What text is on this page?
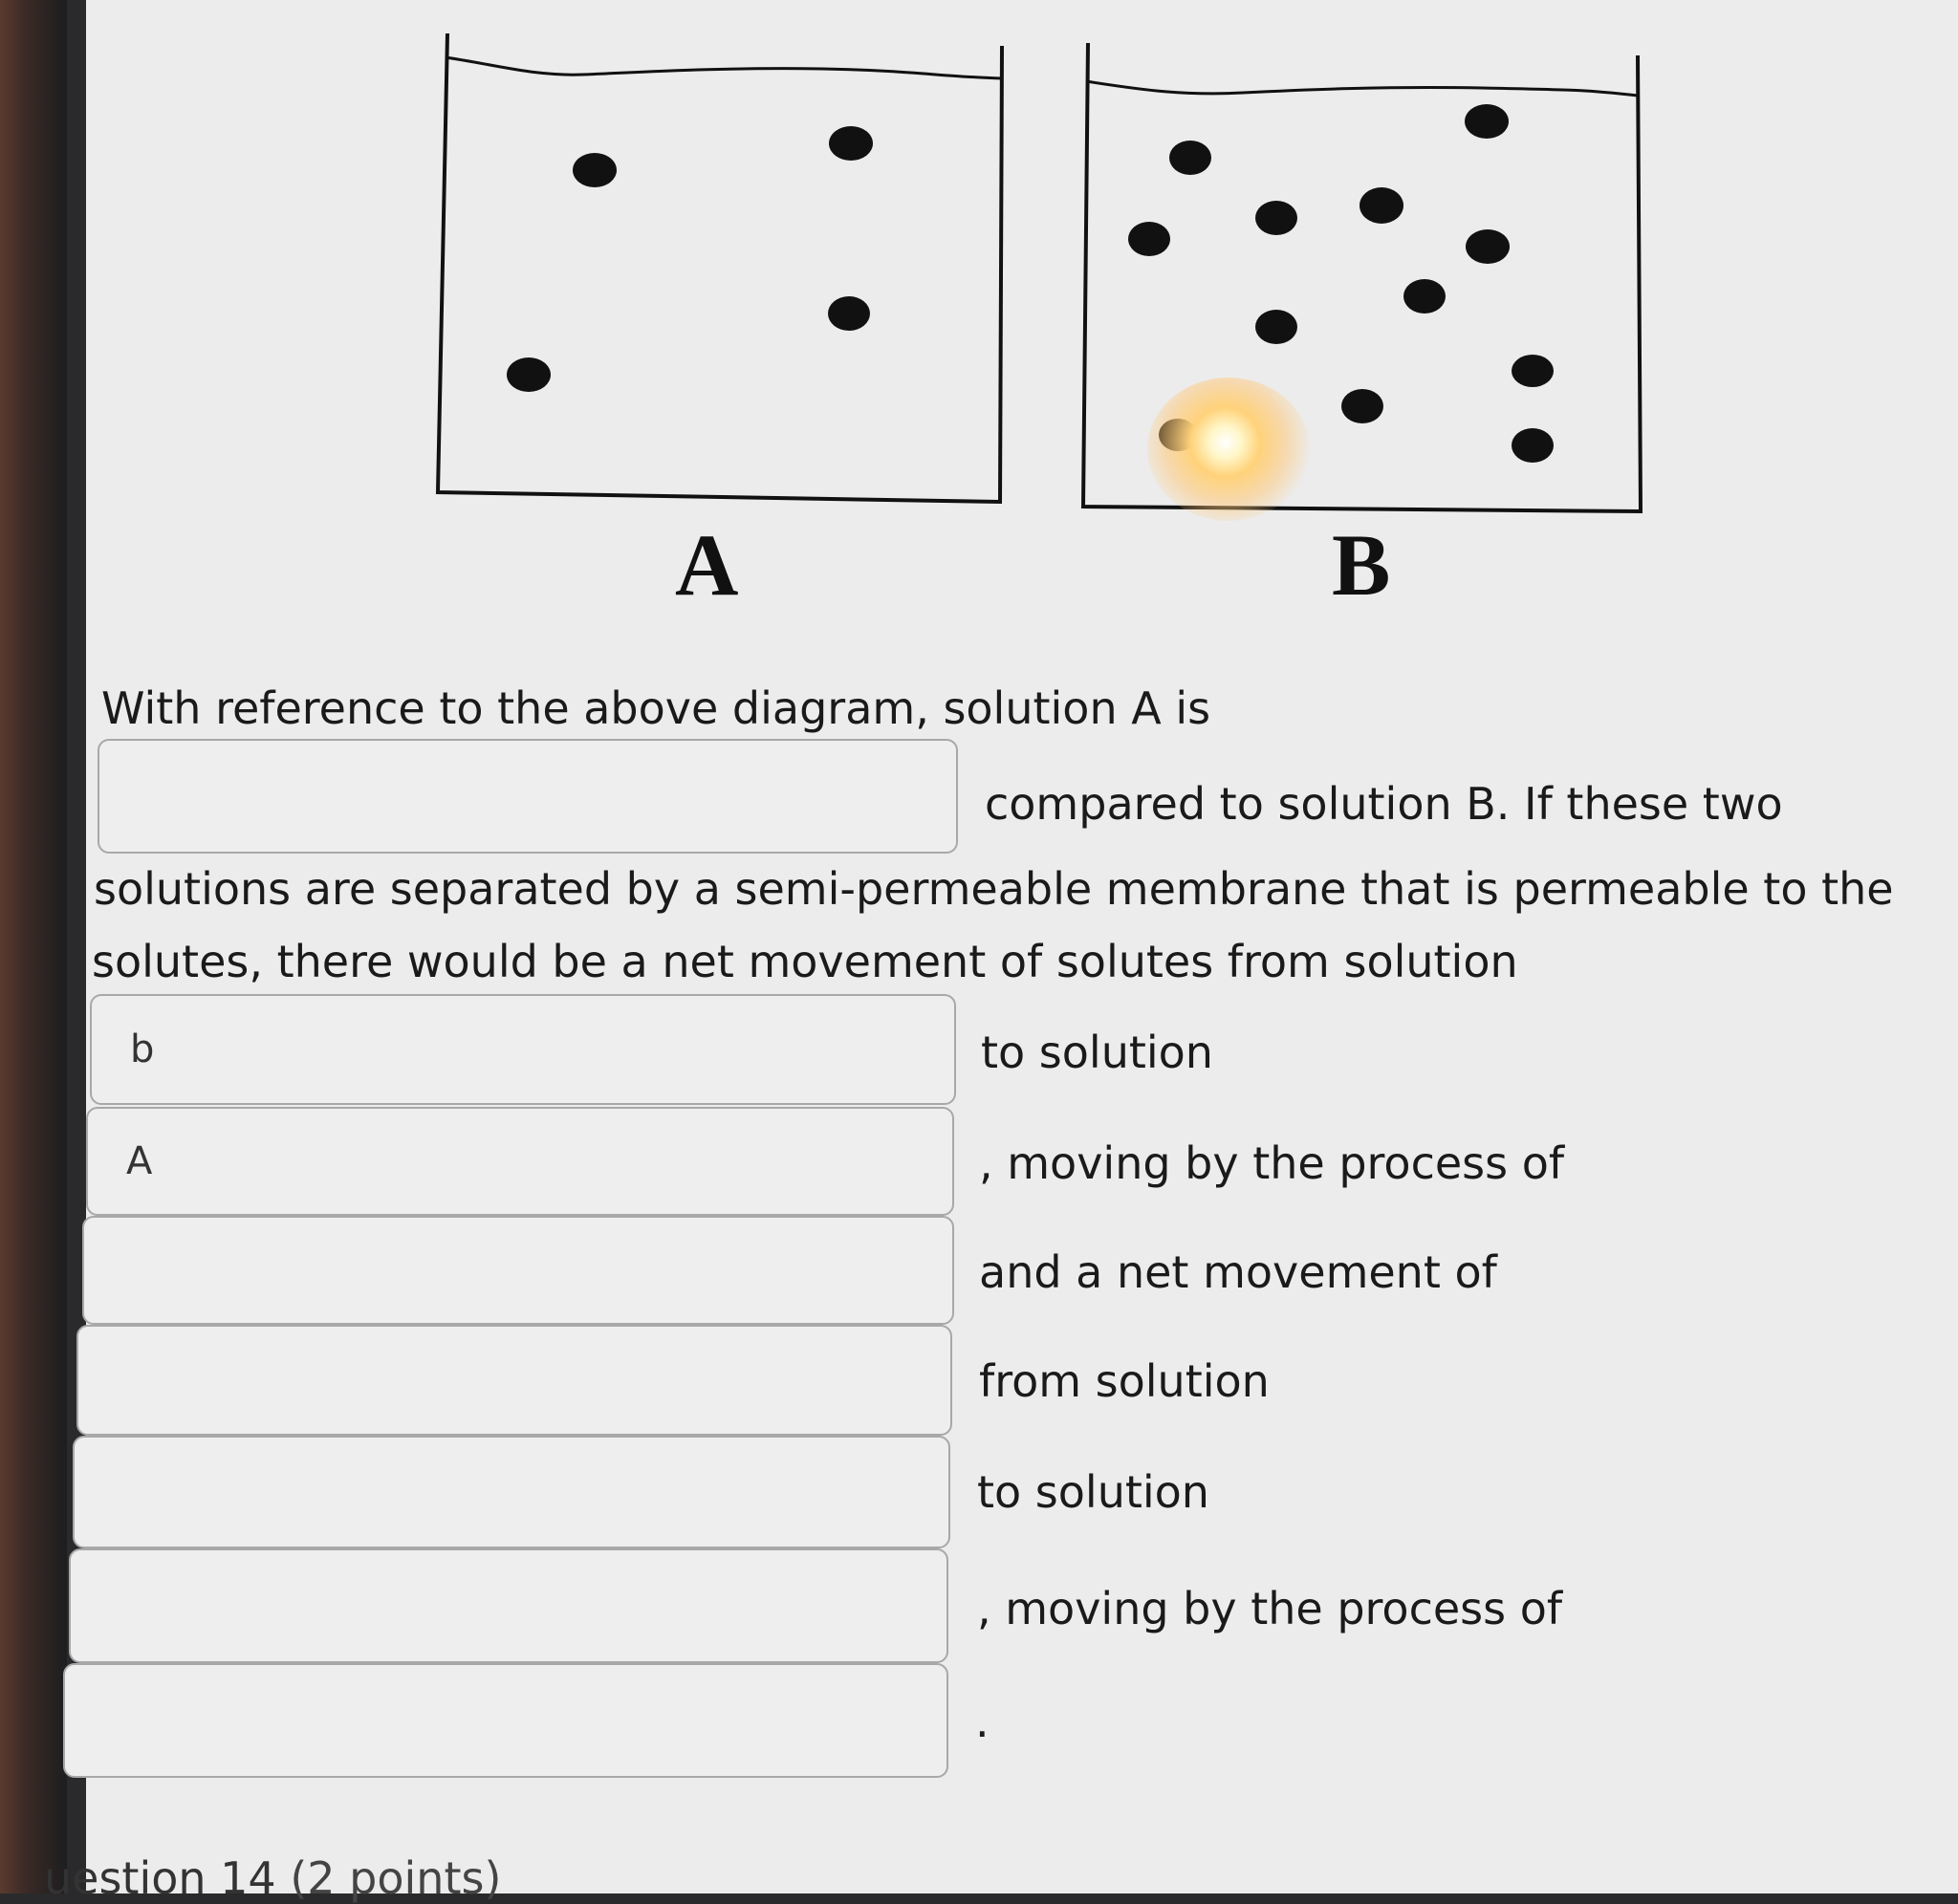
A	B
With reference to the above diagram, solution A is
compared to solution B. If these two
solutions are separated by a semi-permeable membrane that is permeable to the
solutes, there would be a net movement of solutes from solution
b	to solution
A	, moving by the process of
and a net movement of
from solution
to solution
, moving by the process of
.
uestion 14 (2 points)
